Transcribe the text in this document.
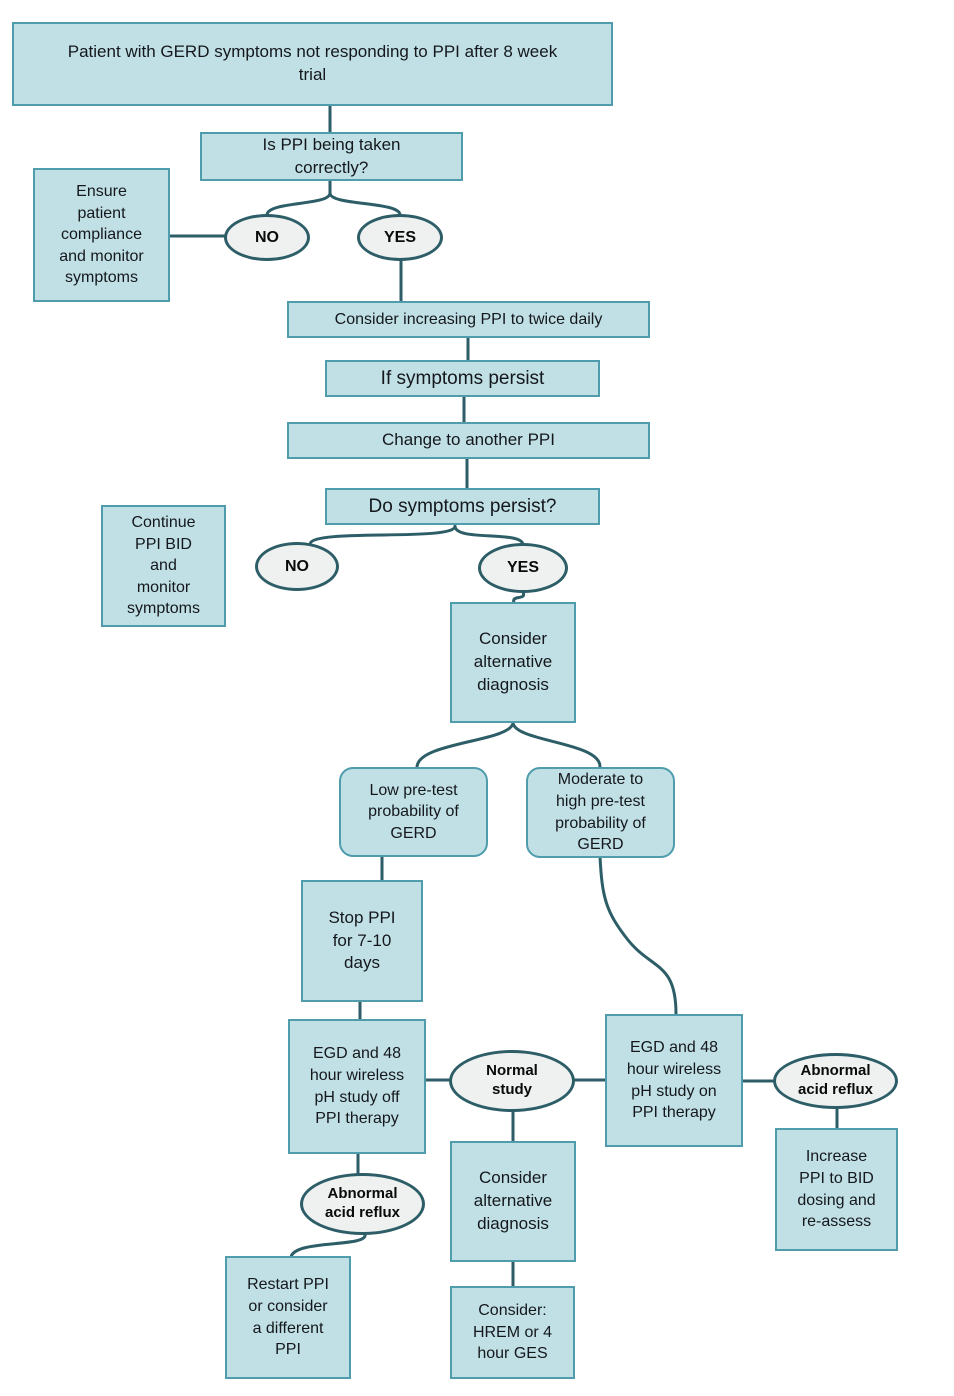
Patient with GERD symptoms not responding to PPI after 8 week trial
Is PPI being taken correctly?
Ensure patient compliance and monitor symptoms
NO	YES
Consider increasing PPI to twice daily
If symptoms persist
Change to another PPI
Do symptoms persist?
Continue PPI BID and monitor symptoms
NO	YES
Consider alternative diagnosis
Low pre-test probability of GERD
Moderate to high pre-test probability of GERD
Stop PPI for 7-10 days
EGD and 48 hour wireless pH study off PPI therapy
Normal study
EGD and 48 hour wireless pH study on PPI therapy
Abnormal acid reflux
Abnormal acid reflux
Increase PPI to BID dosing and re-assess
Consider alternative diagnosis
Restart PPI or consider a different PPI
Consider: HREM or 4 hour GES
